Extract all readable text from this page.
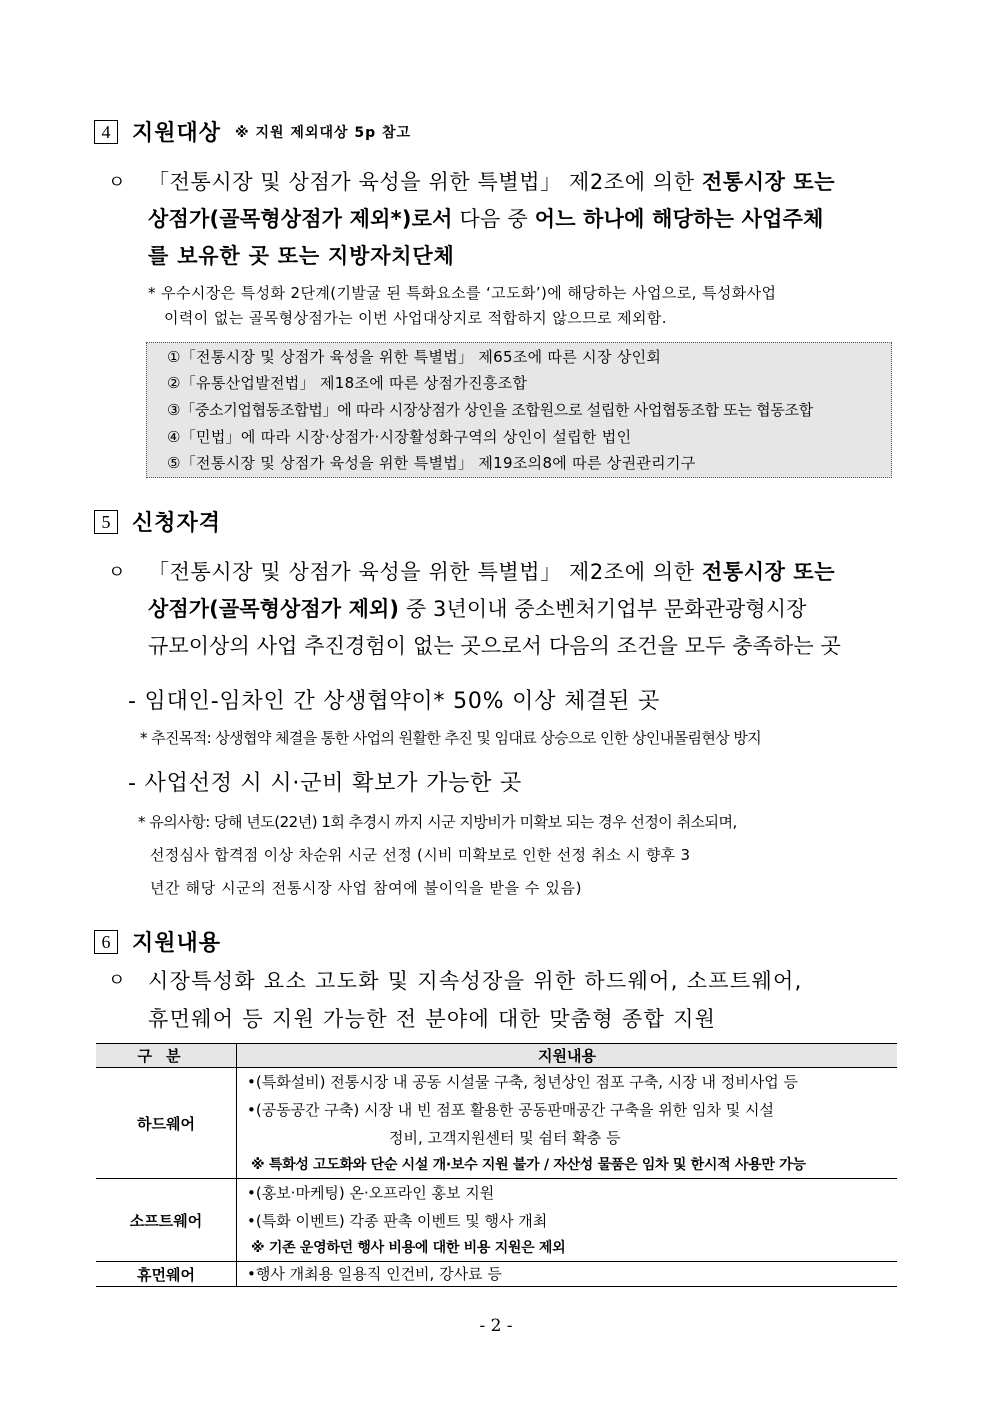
4 지원대상 ※ 지원 제외대상 5p 참고
ㅇ 「전통시장 및 상점가 육성을 위한 특별법」 제2조에 의한 전통시장 또는
상점가(골목형상점가 제외*)로서 다음 중 어느 하나에 해당하는 사업주체
를 보유한 곳 또는 지방자치단체
* 우수시장은 특성화 2단계(기발굴 된 특화요소를 ‘고도화’)에 해당하는 사업으로, 특성화사업
이력이 없는 골목형상점가는 이번 사업대상지로 적합하지 않으므로 제외함.
①「전통시장 및 상점가 육성을 위한 특별법」 제65조에 따른 시장 상인회
②「유통산업발전법」 제18조에 따른 상점가진흥조합
③「중소기업협동조합법」에 따라 시장상점가 상인을 조합원으로 설립한 사업협동조합 또는 협동조합
④「민법」에 따라 시장·상점가·시장활성화구역의 상인이 설립한 법인
⑤「전통시장 및 상점가 육성을 위한 특별법」 제19조의8에 따른 상권관리기구
5 신청자격
ㅇ 「전통시장 및 상점가 육성을 위한 특별법」 제2조에 의한 전통시장 또는
상점가(골목형상점가 제외) 중 3년이내 중소벤처기업부 문화관광형시장
규모이상의 사업 추진경험이 없는 곳으로서 다음의 조건을 모두 충족하는 곳
- 임대인-임차인 간 상생협약이* 50% 이상 체결된 곳
* 추진목적: 상생협약 체결을 통한 사업의 원활한 추진 및 임대료 상승으로 인한 상인내몰림현상 방지
- 사업선정 시 시·군비 확보가 가능한 곳
* 유의사항: 당해 년도(22년) 1회 추경시 까지 시군 지방비가 미확보 되는 경우 선정이 취소되며,
선정심사 합격점 이상 차순위 시군 선정 (시비 미확보로 인한 선정 취소 시 향후 3
년간 해당 시군의 전통시장 사업 참여에 불이익을 받을 수 있음)
6 지원내용
ㅇ 시장특성화 요소 고도화 및 지속성장을 위한 하드웨어, 소프트웨어,
휴먼웨어 등 지원 가능한 전 분야에 대한 맞춤형 종합 지원
구분	지원내용
하드웨어	•(특화설비) 전통시장 내 공동 시설물 구축, 청년상인 점포 구축, 시장 내 정비사업 등
•(공동공간 구축) 시장 내 빈 점포 활용한 공동판매공간 구축을 위한 임차 및 시설
정비, 고객지원센터 및 쉼터 확충 등
※ 특화성 고도화와 단순 시설 개·보수 지원 불가 / 자산성 물품은 임차 및 한시적 사용만 가능

소프트웨어	•(홍보·마케팅) 온·오프라인 홍보 지원
•(특화 이벤트) 각종 판촉 이벤트 및 행사 개최
※ 기존 운영하던 행사 비용에 대한 비용 지원은 제외

휴먼웨어	•행사 개최용 일용직 인건비, 강사료 등
- 2 -
